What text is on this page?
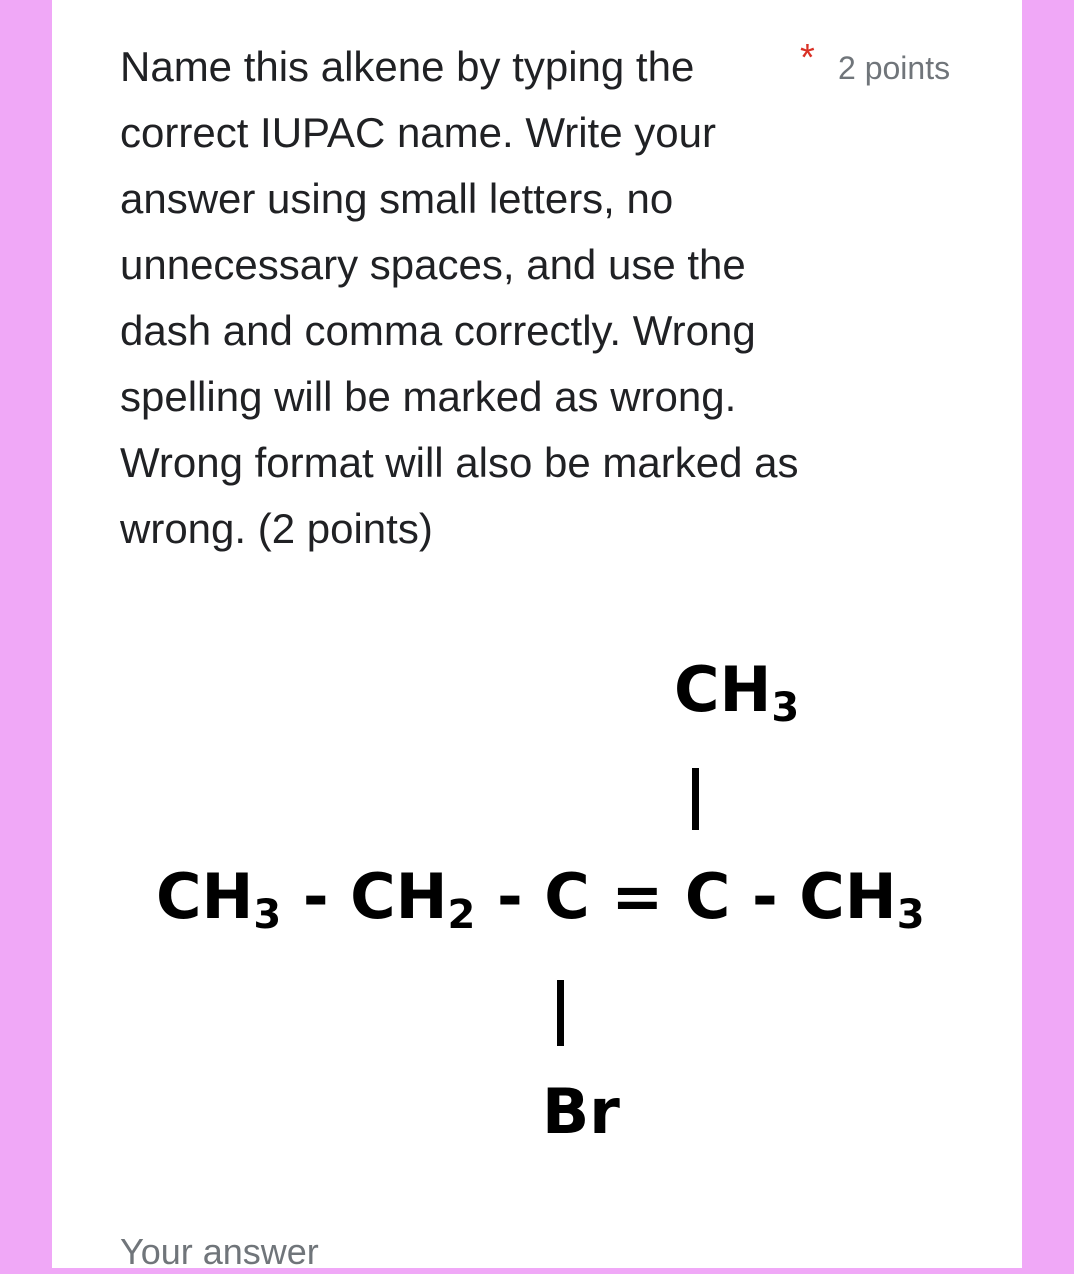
Name this alkene by typing the correct IUPAC name. Write your answer using small letters, no unnecessary spaces, and use the dash and comma correctly. Wrong spelling will be marked as wrong. Wrong format will also be marked as wrong. (2 points)

* 2 points
$CH_3$
$CH_3 - CH_2 - C = C - CH_3$
Br
Your answer
